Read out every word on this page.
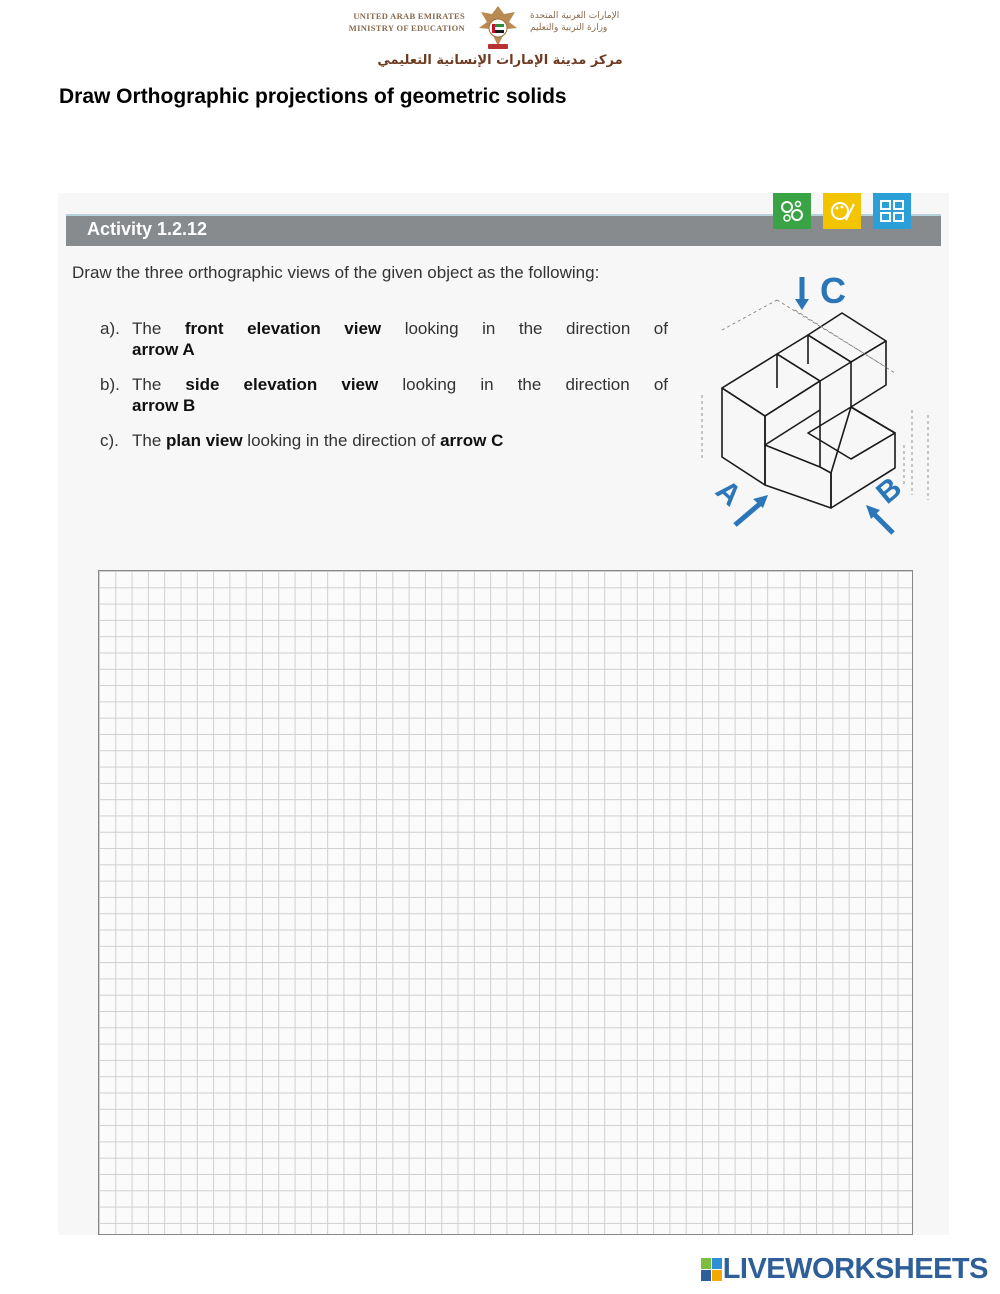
UNITED ARAB EMIRATES
MINISTRY OF EDUCATION
الإمارات العربية المتحدة
وزارة التربية والتعليم
مركز مدينة الإمارات الإنسانية التعليمي
Draw Orthographic projections of geometric solids
Activity 1.2.12
Draw the three orthographic views of the given object as the following:
a). The front elevation view looking in the direction of
arrow A
b). The side elevation view looking in the direction of
arrow B
c). The plan view looking in the direction of arrow C
C
A	B
LIVEWORKSHEETS
